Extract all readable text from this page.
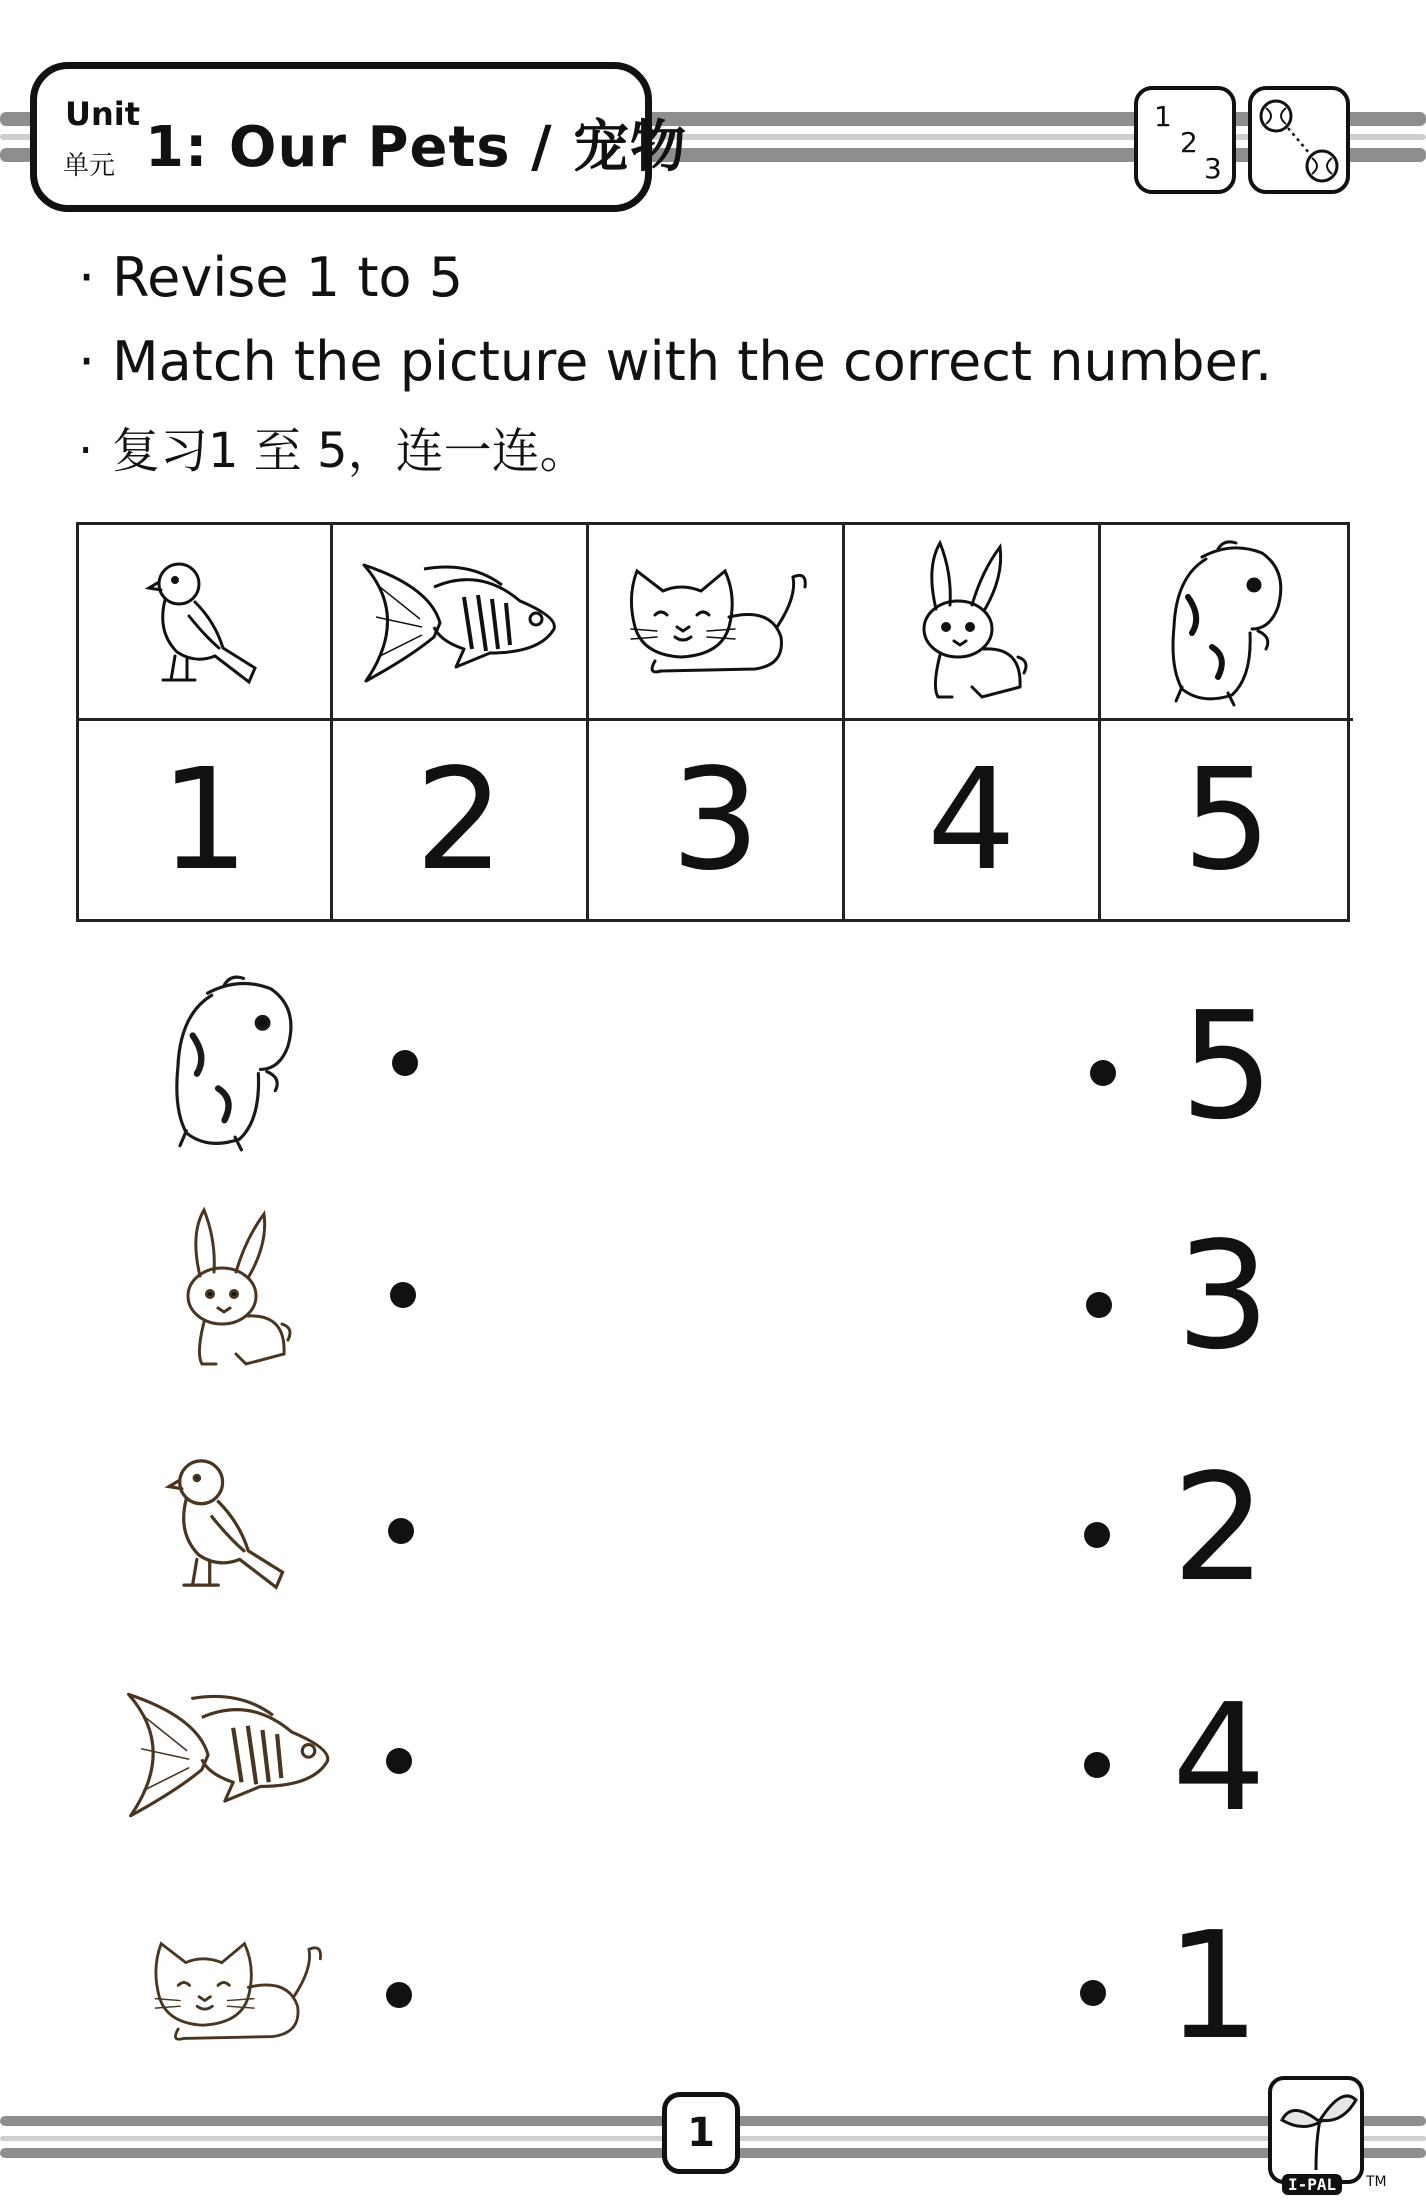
Unit
单元 1: Our Pets / 宠物	1
2
3
· Revise 1 to 5
· Match the picture with the correct number.
· 复习1 至 5，连一连。
1	2	3	4	5
5
3
2
4
1
1
I-PAL	TM
